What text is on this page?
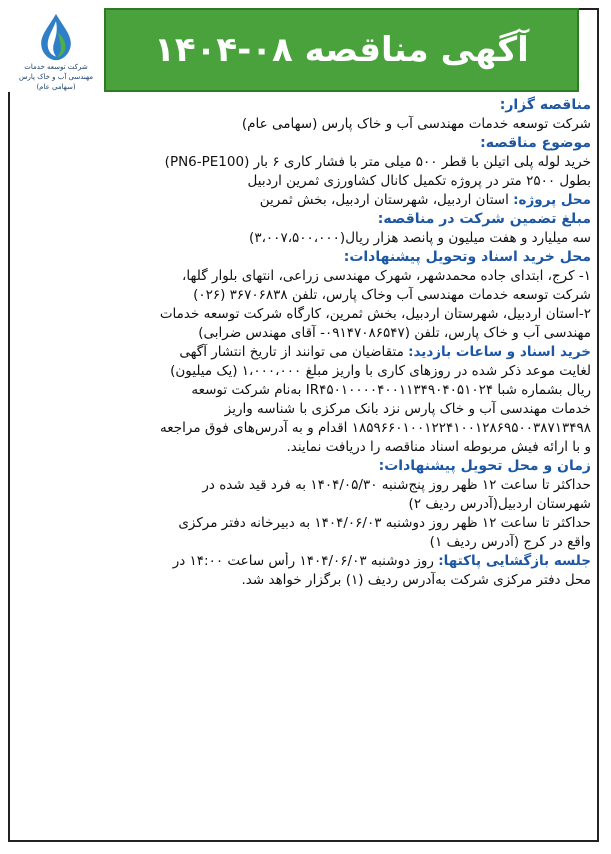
آگهی مناقصه ۰۸-۱۴۰۴
شرکت توسعه خدمات
مهندسی آب و خاک پارس
(سهامی عام)
مناقصه گزار:
شرکت توسعه خدمات مهندسی آب و خاک پارس (سهامی عام)
موضوع مناقصه:
خرید لوله پلی اتیلن با قطر ۵۰۰ میلی متر با فشار کاری ۶ بار (PN6-PE100)
بطول ۲۵۰۰ متر در پروژه تکمیل کانال کشاورزی ثمرین اردبیل
محل پروژه: استان اردبیل، شهرستان اردبیل، بخش ثمرین
مبلغ تضمین شرکت در مناقصه:
سه میلیارد و هفت میلیون و پانصد هزار ریال(۳،۰۰۷،۵۰۰،۰۰۰)
محل خرید اسناد وتحویل پیشنهادات:
۱- کرج، ابتدای جاده محمدشهر، شهرک مهندسی زراعی، انتهای بلوار گلها،
شرکت توسعه خدمات مهندسی آب وخاک پارس، تلفن ۳۶۷۰۶۸۳۸ (۰۲۶)
۲-استان اردبیل، شهرستان اردبیل، بخش ثمرین، کارگاه شرکت توسعه خدمات
مهندسی آب و خاک پارس، تلفن (۰۹۱۴۷۰۸۶۵۴۷- آقای مهندس ضرابی)
خرید اسناد و ساعات بازدید: متقاضیان می توانند از تاریخ انتشار آگهی
لغایت موعد ذکر شده در روزهای کاری با واریز مبلغ ۱،۰۰۰،۰۰۰ (یک میلیون)
ریال بشماره شبا IR۴۵۰۱۰۰۰۰۴۰۰۱۱۳۴۹۰۴۰۵۱۰۲۴ به‌نام شرکت توسعه
خدمات مهندسی آب و خاک پارس نزد بانک مرکزی با شناسه واریز
۱۸۵۹۶۶۰۱۰۰۱۲۲۴۱۰۰۱۲۸۶۹۵۰۰۳۸۷۱۳۴۹۸ اقدام و به آدرس‌های فوق مراجعه
و با ارائه فیش مربوطه اسناد مناقصه را دریافت نمایند.
زمان و محل تحویل پیشنهادات:
حداکثر تا ساعت ۱۲ ظهر روز پنج‌شنبه ۱۴۰۴/۰۵/۳۰ به فرد قید شده در
شهرستان اردبیل(آدرس ردیف ۲)
حداکثر تا ساعت ۱۲ ظهر روز دوشنبه ۱۴۰۴/۰۶/۰۳ به دبیرخانه دفتر مرکزی
واقع در کرج (آدرس ردیف ۱)
جلسه بازگشایی پاکتها: روز دوشنبه ۱۴۰۴/۰۶/۰۳ رأس ساعت ۱۴:۰۰ در
محل دفتر مرکزی شرکت به‌آدرس ردیف (۱) برگزار خواهد شد.
